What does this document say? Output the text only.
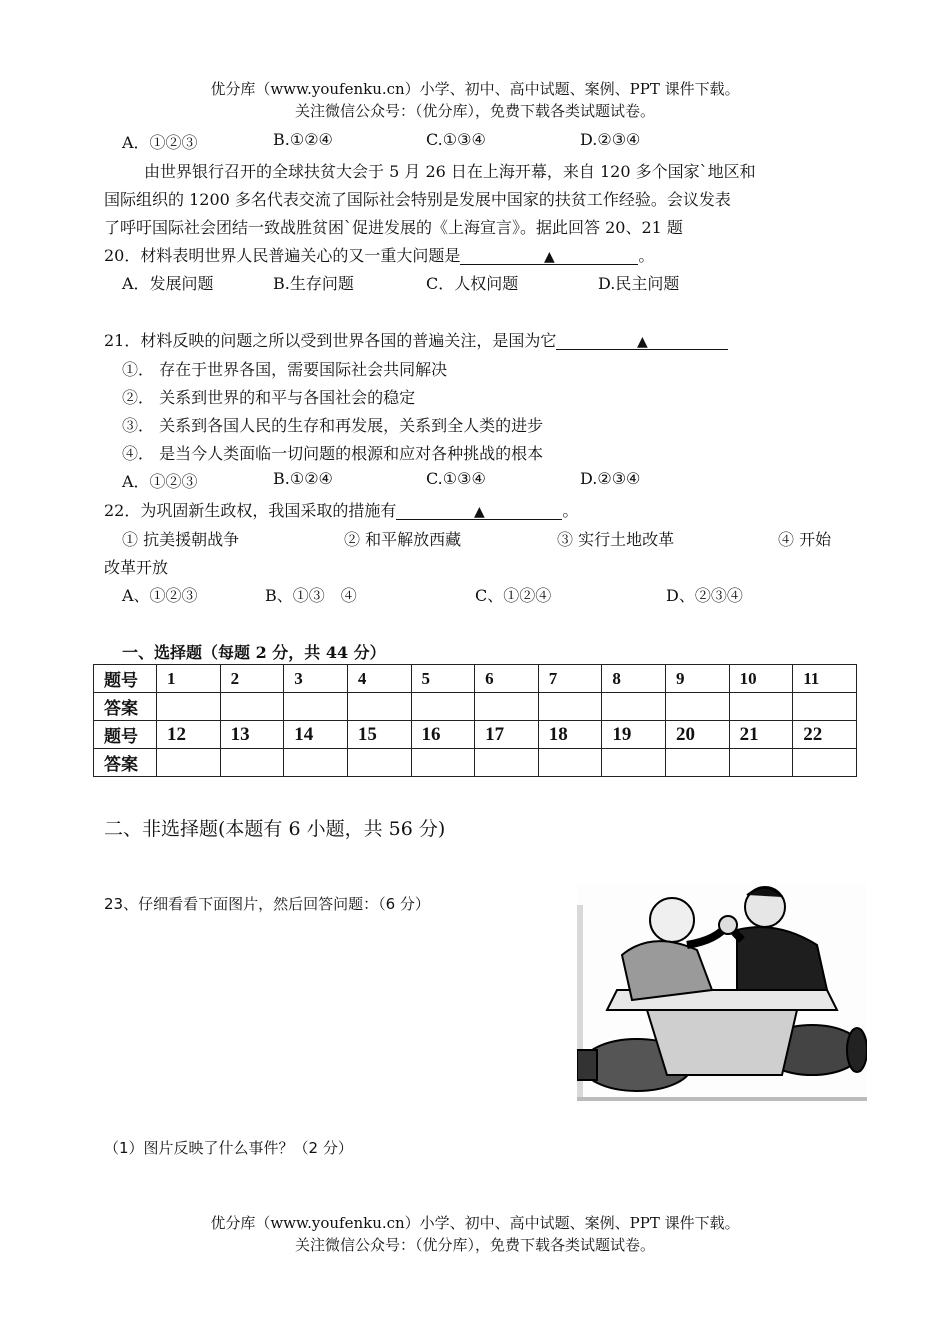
优分库（www.youfenku.cn）小学、初中、高中试题、案例、PPT 课件下载。
关注微信公众号：（优分库），免费下载各类试题试卷。
A．①②③	B.①②④	C.①③④	D.②③④
由世界银行召开的全球扶贫大会于 5 月 26 日在上海开幕，来自 120 多个国家`地区和
国际组织的 1200 多名代表交流了国际社会特别是发展中国家的扶贫工作经验。会议发表
了呼吁国际社会团结一致战胜贫困`促进发展的《上海宣言》。据此回答 20、21 题
20．材料表明世界人民普遍关心的又一重大问题是	▲	。
A．发展问题	B.生存问题	C．人权问题	D.民主问题
21．材料反映的问题之所以受到世界各国的普遍关注，是国为它	▲
①． 存在于世界各国，需要国际社会共同解决
②． 关系到世界的和平与各国社会的稳定
③． 关系到各国人民的生存和再发展，关系到全人类的进步
④． 是当今人类面临一切问题的根源和应对各种挑战的根本
A．①②③	B.①②④	C.①③④	D.②③④
22．为巩固新生政权，我国采取的措施有	▲	。
① 抗美援朝战争	② 和平解放西藏	③ 实行土地改革	④ 开始
改革开放
A、①②③	B、①③　④	C、①②④	D、②③④
一、选择题（每题 2 分，共 44 分）
题号	1	2	3	4	5	6	7	8	9	10	11
答案											
题号	12	13	14	15	16	17	18	19	20	21	22
答案											
二、非选择题(本题有 6 小题，共 56 分)
23、仔细看看下面图片，然后回答问题：（6 分）
（1）图片反映了什么事件？（2 分）
优分库（www.youfenku.cn）小学、初中、高中试题、案例、PPT 课件下载。
关注微信公众号：（优分库），免费下载各类试题试卷。
